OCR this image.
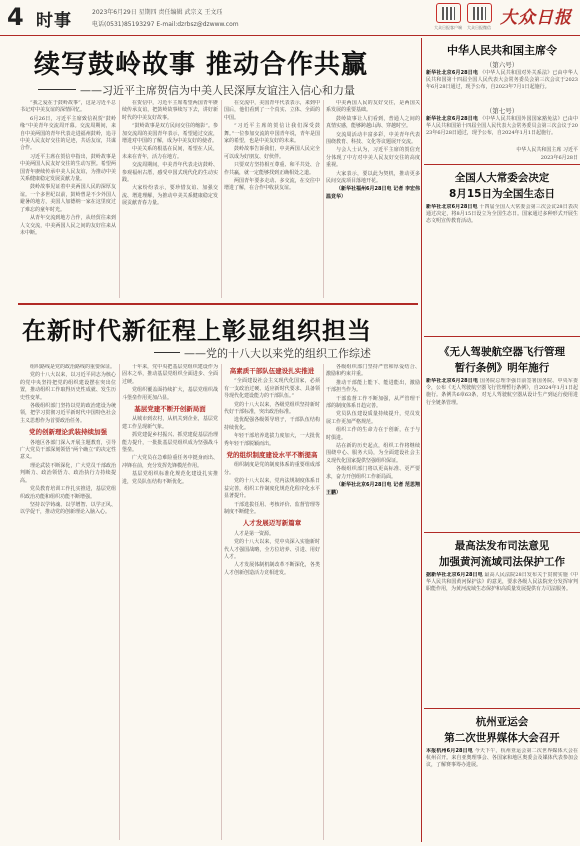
4 时事	2023年6月29日 星期四 责任编辑 武宗义 王文珏
电话(0531)85193297 E-mail:dzrbsz@dzwww.com	大众日报客户端	大众日报微信 大众日报
续写鼓岭故事 推动合作共赢
——习近平主席贺信为中美人民深厚友谊注入信心和力量

“我之爱在于鼓岭故事”，这是习近平总书记对中美友谊的深情回忆。

6月26日，习近平主席致信祝贺“鼓岭缘”中美青年交流周开幕。交流周期间，来自中美两国的青年代表走进福州鼓岭，追寻中美人民友好交往的足迹，共话友谊，共谋合作。

习近平主席在贺信中指出，鼓岭故事是中美两国人民友好交往的生动写照。希望两国青年赓续传承中美人民友谊，为推动中美关系健康稳定发展贡献力量。

鼓岭故事见证着中美两国人民的深厚友谊。一个多世纪以前，鼓岭曾是不少外国人避暑的地方，美国人加德纳一家在这里度过了难忘的童年时光。

从青年交流到地方合作，从经贸往来到人文交流，中美两国人民之间的友好往来从未中断。

在贺信中，习近平主席希望两国青年赓续传承友谊，把鼓岭故事续写下去，讲好新时代的中美友好故事。

“鼓岭故事是双方民间交往的缩影”。参加交流周的美国青年表示，希望通过交流，增进对中国的了解，成为中美友好的使者。

中美关系的根基在民间，希望在人民，未来在青年，活力在地方。

交流周期间，中美青年代表走访鼓岭、参观福州古厝，感受中国式现代化的生动实践。

大家纷纷表示，要珍惜友谊、加强交流、增进理解，为推动中美关系健康稳定发展贡献青春力量。

在交流中，美国青年代表表示，来到中国后，他们看到了一个真实、立体、全面的中国。

“习近平主席的贺信让我们深受鼓舞。”一位参加交流的中国青年说，青年是国家的希望，也是中美友好的未来。

鼓岭故事告诉我们，中美两国人民完全可以成为好朋友、好伙伴。

只要双方坚持相互尊重、和平共处、合作共赢，就一定能够找到正确相处之道。

两国青年要多走动、多交流，在交往中增进了解，在合作中收获友谊。

中美两国人民的友好交往，是两国关系发展的重要基础。

鼓岭故事让人们看到，普通人之间的真情实感，能够跨越山海、穿越时空。

交流周活动丰富多彩，中美青年代表围绕教育、科技、文化等议题展开交流。

与会人士认为，习近平主席的贺信充分体现了中方对中美人民友好交往的高度重视。

大家表示，要以此为契机，推动更多民间交流项目落地开花。

（新华社福州6月28日电 记者 李宏伟 温竞华）

在新时代新征程上彰显组织担当
——党的十八大以来党的组织工作综述

组织路线是党的政治路线的重要保证。

党的十八大以来，以习近平同志为核心的党中央坚持把党的组织建设摆在突出位置，推动组织工作取得历史性成就、发生历史性变革。

各级组织部门坚持以党的政治建设为统领，把学习贯彻习近平新时代中国特色社会主义思想作为首要政治任务。

党的创新理论武装持续加强

各地区各部门深入开展主题教育，引导广大党员干部深刻领悟“两个确立”的决定性意义。

理论武装不断深化，广大党员干部政治判断力、政治领悟力、政治执行力持续提高。

党员教育培训工作扎实推进，基层党组织政治功能和组织功能不断增强。

坚持以学铸魂、以学增智、以学正风、以学促干，推动党的创新理论入脑入心。

十年来，党中央把基层党组织建设作为固本之举，推动基层党组织全面进步、全面过硬。

党组织覆盖面持续扩大，基层党组织战斗堡垒作用更加凸显。

基层党建不断开创新局面

从城市到农村，从机关到企业，基层党建工作呈现新气象。

抓党建促乡村振兴、抓党建促基层治理能力提升，一批批基层党组织成为坚强战斗堡垒。

广大党员在急难险重任务中挺身而出、冲锋在前，充分发挥先锋模范作用。

基层党组织标准化规范化建设扎实推进，党员队伍结构不断优化。

高素质干部队伍建设扎实推进

“全面建设社会主义现代化国家，必须有一支政治过硬、适应新时代要求、具备领导现代化建设能力的干部队伍。”

党的十八大以来，各级党组织坚持新时代好干部标准，突出政治标准。

选优配强各级领导班子，干部队伍结构持续优化。

年轻干部培养选拔力度加大，一大批优秀年轻干部脱颖而出。

党的组织制度建设水平不断提高

组织制度是党的制度体系的重要组成部分。

党的十八大以来，党内法规制度体系日益完善，组织工作制度化规范化程序化水平显著提升。

干部选拔任用、考核评价、监督管理等制度不断健全。

人才发展迈写新篇章

人才是第一资源。

党的十八大以来，党中央深入实施新时代人才强国战略，全方位培养、引进、用好人才。

人才发展体制机制改革不断深化，各类人才创新创造活力竞相迸发。

各级组织部门坚持严管和厚爱结合、激励和约束并重。

推动干部能上能下、能进能出，激励干部担当作为。

干部监督工作不断加强，从严管理干部的制度体系日趋完善。

党员队伍建设质量持续提升，党员发展工作更加严格规范。

组织工作的生命力在于创新，在于与时俱进。

站在新的历史起点，组织工作将继续围绕中心、服务大局，为全面建设社会主义现代化国家提供坚强组织保证。

各级组织部门将以更高标准、更严要求，奋力开创组织工作新局面。

（新华社北京6月28日电 记者 范思翔 王鹏）

中华人民共和国主席令
（第六号）
新华社北京6月28日电 《中华人民共和国对外关系法》已由中华人民共和国第十四届全国人民代表大会常务委员会第三次会议于2023年6月28日通过，现予公布，自2023年7月1日起施行。
（第七号）
新华社北京6月28日电 《中华人民共和国外国国家豁免法》已由中华人民共和国第十四届全国人民代表大会常务委员会第三次会议于2023年6月28日通过，现予公布，自2024年1月1日起施行。
中华人民共和国主席 习近平
2023年6月28日
全国人大常委会决定
8月15日为全国生态日
新华社北京6月28日电 十四届全国人大常委会第三次会议28日表决通过决定，将8月15日设立为全国生态日。国家通过多种形式开展生态文明宣传教育活动。
《无人驾驶航空器飞行管理
暂行条例》明年施行
新华社北京6月28日电 国务院总理李强日前签署国务院、中央军委令，公布《无人驾驶航空器飞行管理暂行条例》，自2024年1月1日起施行。条例共6章63条，对无人驾驶航空器从设计生产到运行使用进行全链条管理。
最高法发布司法意见
加强黄河流域司法保护工作
据新华社北京6月28日电 最高人民法院28日发布关于贯彻实施《中华人民共和国黄河保护法》的意见，要求各级人民法院充分发挥审判职能作用，为黄河流域生态保护和高质量发展提供有力司法服务。
杭州亚运会
第二次世界媒体大会召开
本报杭州6月28日电 今天下午，杭州亚运会第二次世界媒体大会在杭州召开。来自亚奥理事会、各国家和地区奥委会及媒体代表参加会议，了解赛事筹办进展。
